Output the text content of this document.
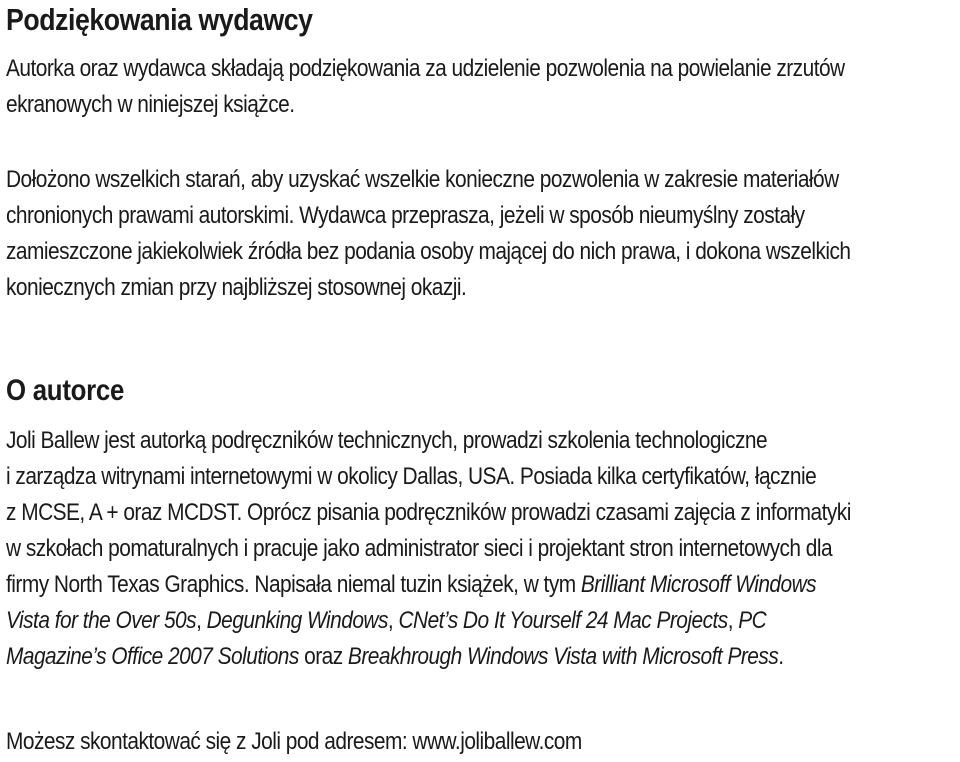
Podziękowania wydawcy

Autorka oraz wydawca składają podziękowania za udzielenie pozwolenia na powielanie zrzutów
ekranowych w niniejszej książce.

Dołożono wszelkich starań, aby uzyskać wszelkie konieczne pozwolenia w zakresie materiałów
chronionych prawami autorskimi. Wydawca przeprasza, jeżeli w sposób nieumyślny zostały
zamieszczone jakiekolwiek źródła bez podania osoby mającej do nich prawa, i dokona wszelkich
koniecznych zmian przy najbliższej stosownej okazji.

O autorce

Joli Ballew jest autorką podręczników technicznych, prowadzi szkolenia technologiczne
i zarządza witrynami internetowymi w okolicy Dallas, USA. Posiada kilka certyfikatów, łącznie
z MCSE, A + oraz MCDST. Oprócz pisania podręczników prowadzi czasami zajęcia z informatyki
w szkołach pomaturalnych i pracuje jako administrator sieci i projektant stron internetowych dla
firmy North Texas Graphics. Napisała niemal tuzin książek, w tym Brilliant Microsoff Windows
Vista for the Over 50s, Degunking Windows, CNet’s Do It Yourself 24 Mac Projects, PC
Magazine’s Office 2007 Solutions oraz Breakhrough Windows Vista with Microsoft Press.

Możesz skontaktować się z Joli pod adresem: www.joliballew.com
